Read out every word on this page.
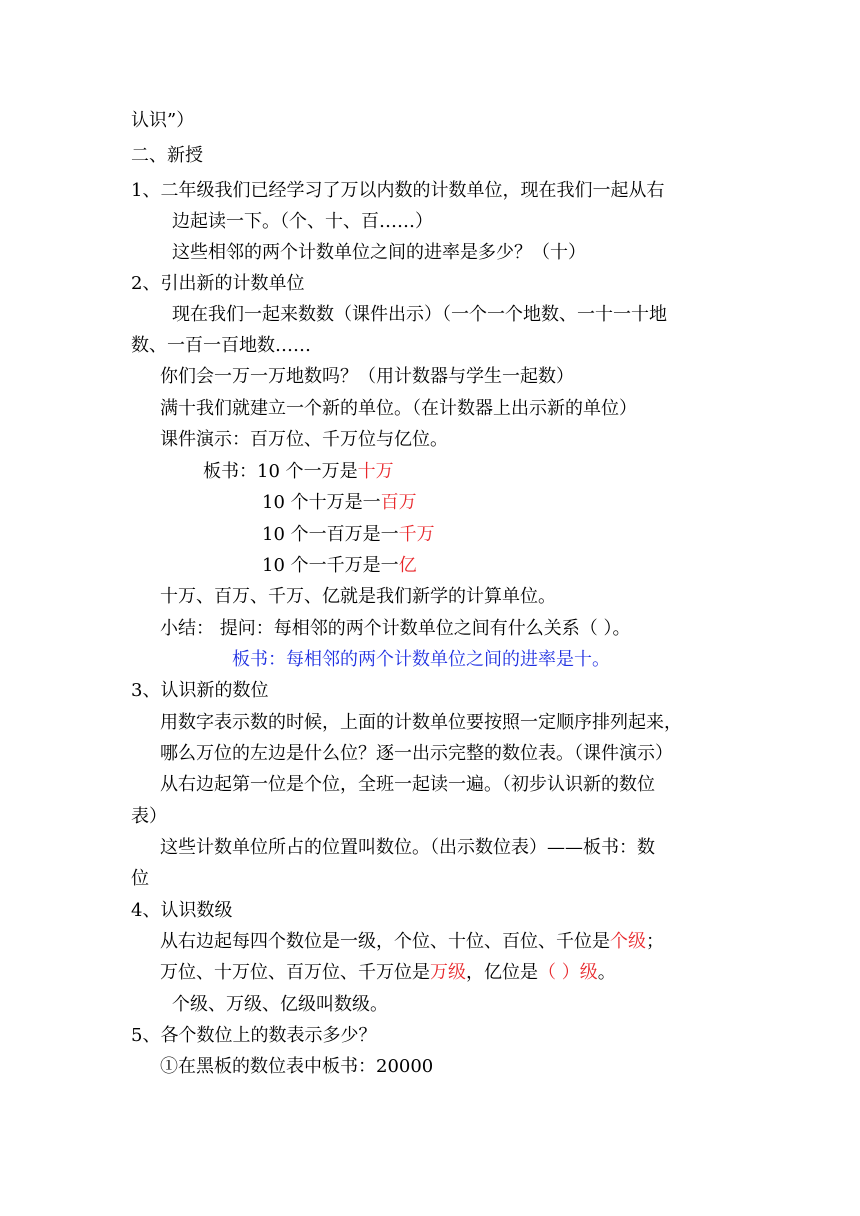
认识”）
二、新授
1、二年级我们已经学习了万以内数的计数单位，现在我们一起从右
边起读一下。（个、十、百……）
这些相邻的两个计数单位之间的进率是多少？（十）
2、引出新的计数单位
现在我们一起来数数（课件出示）（一个一个地数、一十一十地
数、一百一百地数……
你们会一万一万地数吗？（用计数器与学生一起数）
满十我们就建立一个新的单位。（在计数器上出示新的单位）
课件演示：百万位、千万位与亿位。
板书：10 个一万是十万
10 个十万是一百万
10 个一百万是一千万
10 个一千万是一亿
十万、百万、千万、亿就是我们新学的计算单位。
小结： 提问：每相邻的两个计数单位之间有什么关系（ ）。
板书：每相邻的两个计数单位之间的进率是十。
3、认识新的数位
用数字表示数的时候，上面的计数单位要按照一定顺序排列起来，
哪么万位的左边是什么位？逐一出示完整的数位表。（课件演示）
从右边起第一位是个位，全班一起读一遍。（初步认识新的数位
表）
这些计数单位所占的位置叫数位。（出示数位表）——板书：数
位
4、认识数级
从右边起每四个数位是一级，个位、十位、百位、千位是个级；
万位、十万位、百万位、千万位是万级，亿位是（ ）级。
个级、万级、亿级叫数级。
5、各个数位上的数表示多少？
①在黑板的数位表中板书：20000
